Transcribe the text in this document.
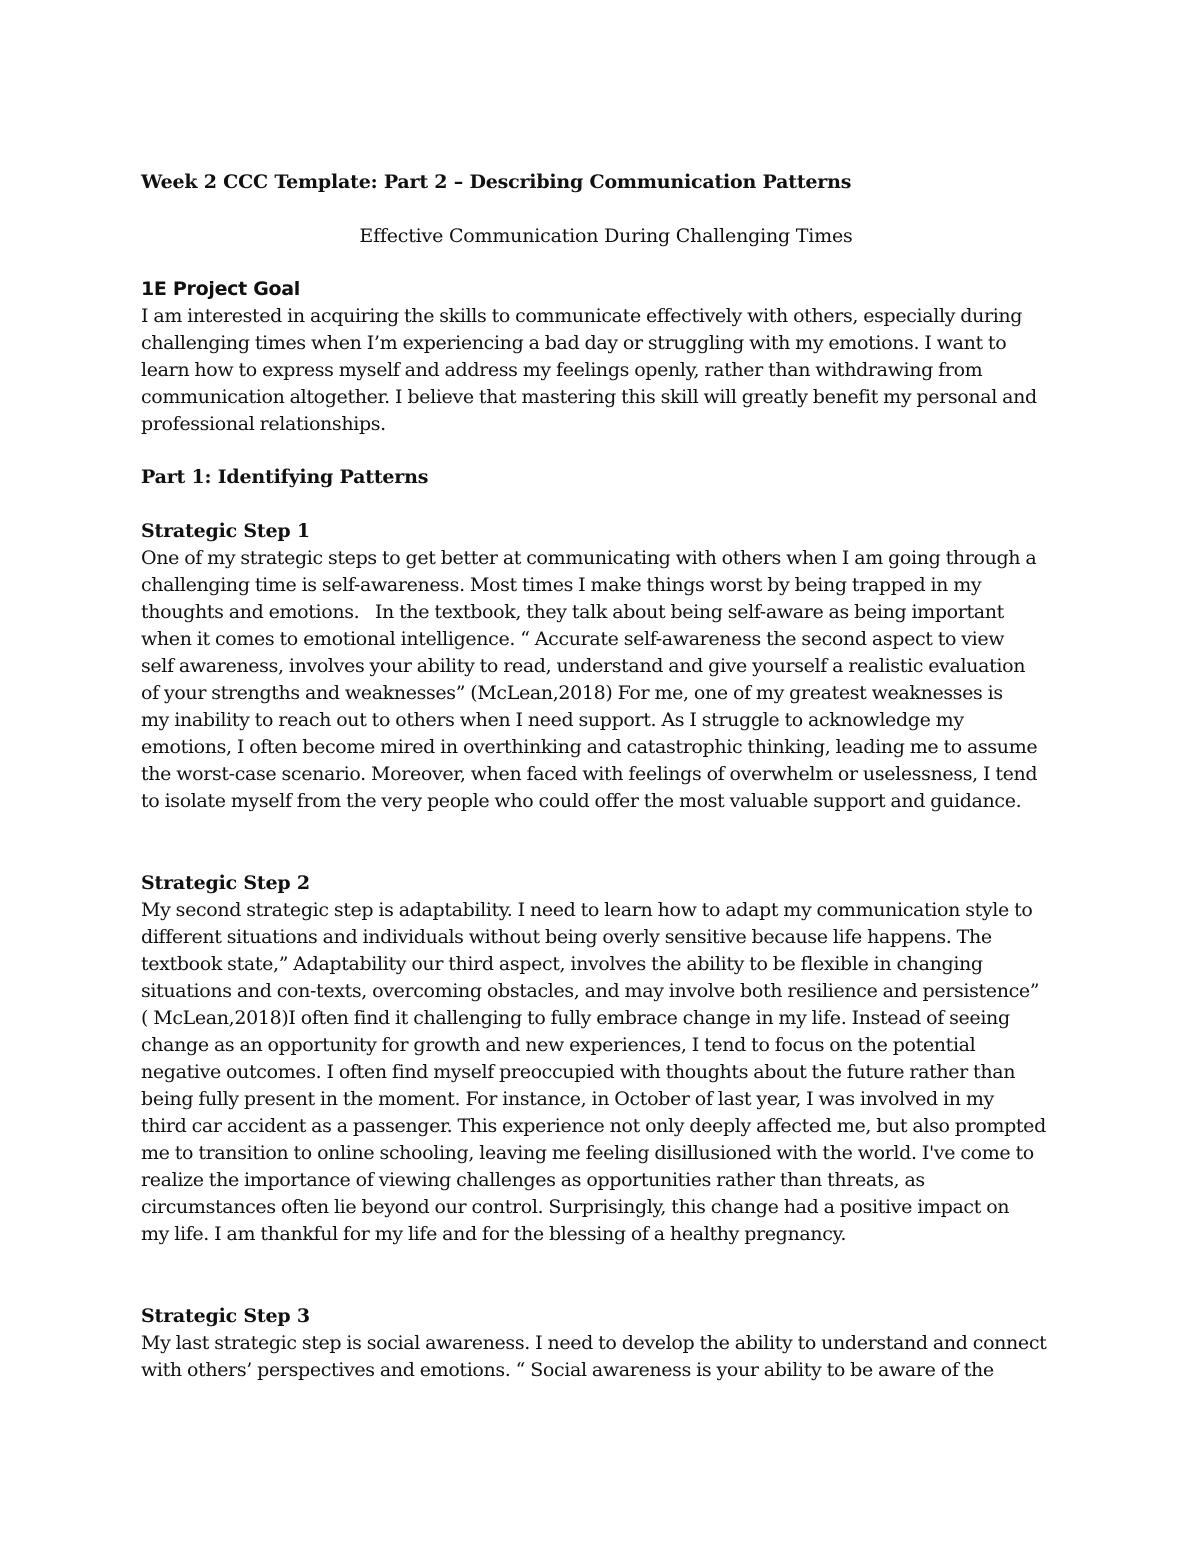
Week 2 CCC Template: Part 2 – Describing Communication Patterns

Effective Communication During Challenging Times

1E Project Goal

I am interested in acquiring the skills to communicate effectively with others, especially during
challenging times when I’m experiencing a bad day or struggling with my emotions. I want to
learn how to express myself and address my feelings openly, rather than withdrawing from
communication altogether. I believe that mastering this skill will greatly benefit my personal and
professional relationships.

Part 1: Identifying Patterns
Strategic Step 1

One of my strategic steps to get better at communicating with others when I am going through a
challenging time is self-awareness. Most times I make things worst by being trapped in my
thoughts and emotions.   In the textbook, they talk about being self-aware as being important
when it comes to emotional intelligence. “ Accurate self-awareness the second aspect to view
self awareness, involves your ability to read, understand and give yourself a realistic evaluation
of your strengths and weaknesses” (McLean,2018) For me, one of my greatest weaknesses is
my inability to reach out to others when I need support. As I struggle to acknowledge my
emotions, I often become mired in overthinking and catastrophic thinking, leading me to assume
the worst-case scenario. Moreover, when faced with feelings of overwhelm or uselessness, I tend
to isolate myself from the very people who could offer the most valuable support and guidance.

Strategic Step 2

My second strategic step is adaptability. I need to learn how to adapt my communication style to
different situations and individuals without being overly sensitive because life happens. The
textbook state,” Adaptability our third aspect, involves the ability to be flexible in changing
situations and con-texts, overcoming obstacles, and may involve both resilience and persistence”
( McLean,2018)I often find it challenging to fully embrace change in my life. Instead of seeing
change as an opportunity for growth and new experiences, I tend to focus on the potential
negative outcomes. I often find myself preoccupied with thoughts about the future rather than
being fully present in the moment. For instance, in October of last year, I was involved in my
third car accident as a passenger. This experience not only deeply affected me, but also prompted
me to transition to online schooling, leaving me feeling disillusioned with the world. I've come to
realize the importance of viewing challenges as opportunities rather than threats, as
circumstances often lie beyond our control. Surprisingly, this change had a positive impact on
my life. I am thankful for my life and for the blessing of a healthy pregnancy.

Strategic Step 3

My last strategic step is social awareness. I need to develop the ability to understand and connect
with others’ perspectives and emotions. “ Social awareness is your ability to be aware of the
